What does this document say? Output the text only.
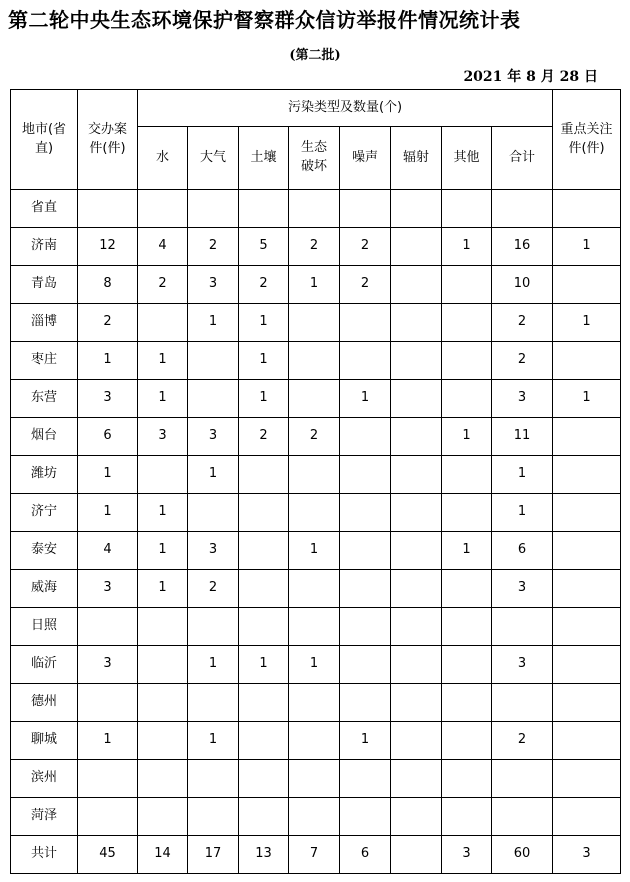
第二轮中央生态环境保护督察群众信访举报件情况统计表
(第二批)
2021 年 8 月 28 日
地市(省直)	交办案件(件)	污染类型及数量(个)								重点关注件(件)
		水	大气	土壤	生态破坏	噪声	辐射	其他	合计	
省直										
济南	12	4	2	5	2	2		1	16	1
青岛	8	2	3	2	1	2			10	
淄博	2		1	1					2	1
枣庄	1	1		1					2	
东营	3	1		1		1			3	1
烟台	6	3	3	2	2			1	11	
潍坊	1		1						1	
济宁	1	1							1	
泰安	4	1	3		1			1	6	
威海	3	1	2						3	
日照										
临沂	3		1	1	1				3	
德州										
聊城	1		1			1			2	
滨州										
菏泽										
共计	45	14	17	13	7	6		3	60	3
